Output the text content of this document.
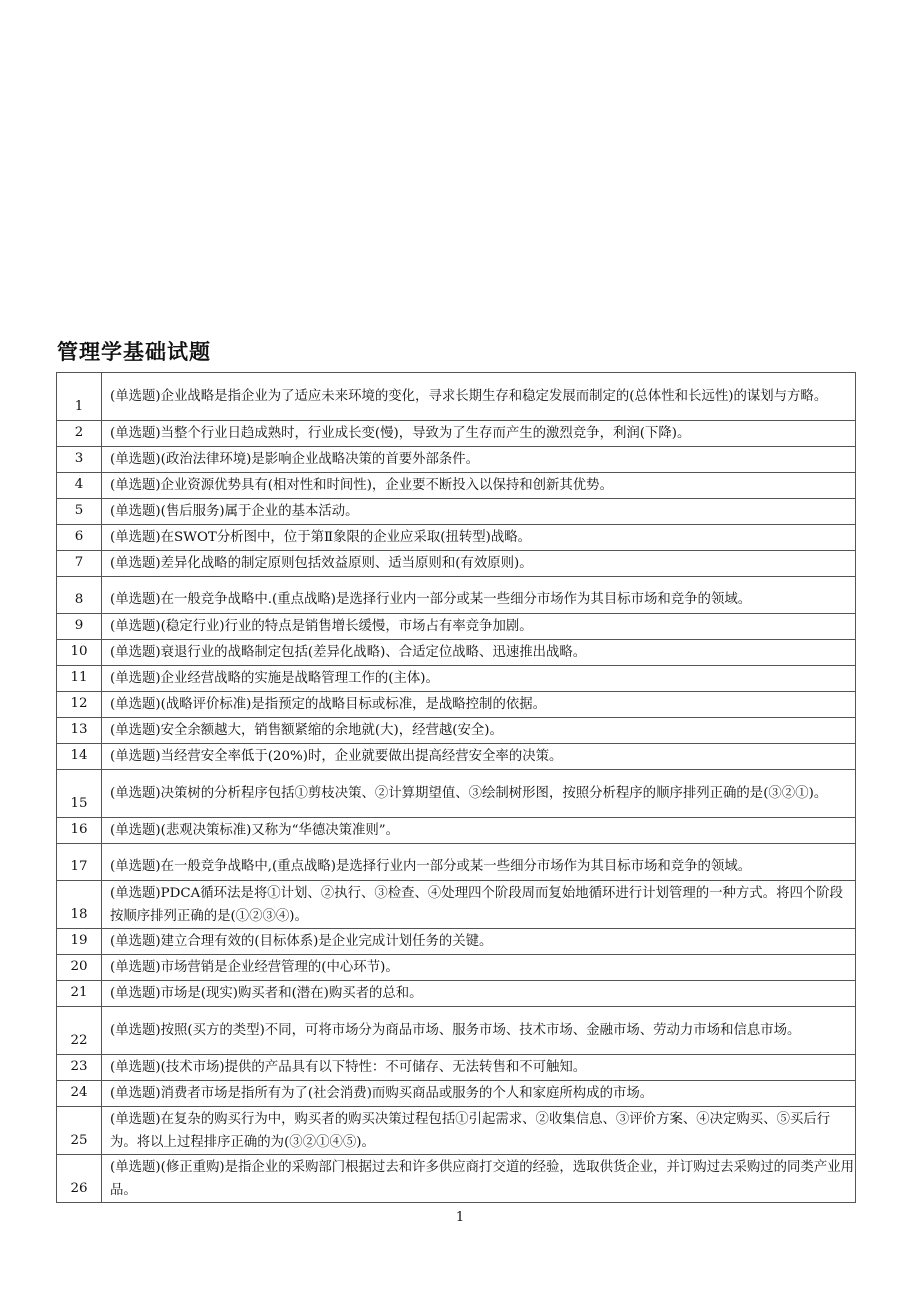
管理学基础试题
1	(单选题)企业战略是指企业为了适应未来环境的变化，寻求长期生存和稳定发展而制定的(总体性和长远性)的谋划与方略。
2	(单选题)当整个行业日趋成熟时，行业成长变(慢)，导致为了生存而产生的激烈竞争，利润(下降)。
3	(单选题)(政治法律环境)是影响企业战略决策的首要外部条件。
4	(单选题)企业资源优势具有(相对性和时间性)，企业要不断投入以保持和创新其优势。
5	(单选题)(售后服务)属于企业的基本活动。
6	(单选题)在SWOT分析图中，位于第Ⅱ象限的企业应采取(扭转型)战略。
7	(单选题)差异化战略的制定原则包括效益原则、适当原则和(有效原则)。
8	(单选题)在一般竞争战略中.(重点战略)是选择行业内一部分或某一些细分市场作为其目标市场和竞争的领域。
9	(单选题)(稳定行业)行业的特点是销售增长缓慢，市场占有率竞争加剧。
10	(单选题)衰退行业的战略制定包括(差异化战略)、合适定位战略、迅速推出战略。
11	(单选题)企业经营战略的实施是战略管理工作的(主体)。
12	(单选题)(战略评价标准)是指预定的战略目标或标准，是战略控制的依据。
13	(单选题)安全余额越大，销售额紧缩的余地就(大)，经营越(安全)。
14	(单选题)当经营安全率低于(20%)时，企业就要做出提高经营安全率的决策。
15	(单选题)决策树的分析程序包括①剪枝决策、②计算期望值、③绘制树形图，按照分析程序的顺序排列正确的是(③②①)。
16	(单选题)(悲观决策标准)又称为“华德决策准则”。
17	(单选题)在一般竞争战略中,(重点战略)是选择行业内一部分或某一些细分市场作为其目标市场和竞争的领域。
18	(单选题)PDCA循环法是将①计划、②执行、③检查、④处理四个阶段周而复始地循环进行计划管理的一种方式。将四个阶段按顺序排列正确的是(①②③④)。
19	(单选题)建立合理有效的(目标体系)是企业完成计划任务的关键。
20	(单选题)市场营销是企业经营管理的(中心环节)。
21	(单选题)市场是(现实)购买者和(潜在)购买者的总和。
22	(单选题)按照(买方的类型)不同，可将市场分为商品市场、服务市场、技术市场、金融市场、劳动力市场和信息市场。
23	(单选题)(技术市场)提供的产品具有以下特性：不可储存、无法转售和不可触知。
24	(单选题)消费者市场是指所有为了(社会消费)而购买商品或服务的个人和家庭所构成的市场。
25	(单选题)在复杂的购买行为中，购买者的购买决策过程包括①引起需求、②收集信息、③评价方案、④决定购买、⑤买后行为。将以上过程排序正确的为(③②①④⑤)。
26	(单选题)(修正重购)是指企业的采购部门根据过去和许多供应商打交道的经验，选取供货企业，并订购过去采购过的同类产业用品。
1
